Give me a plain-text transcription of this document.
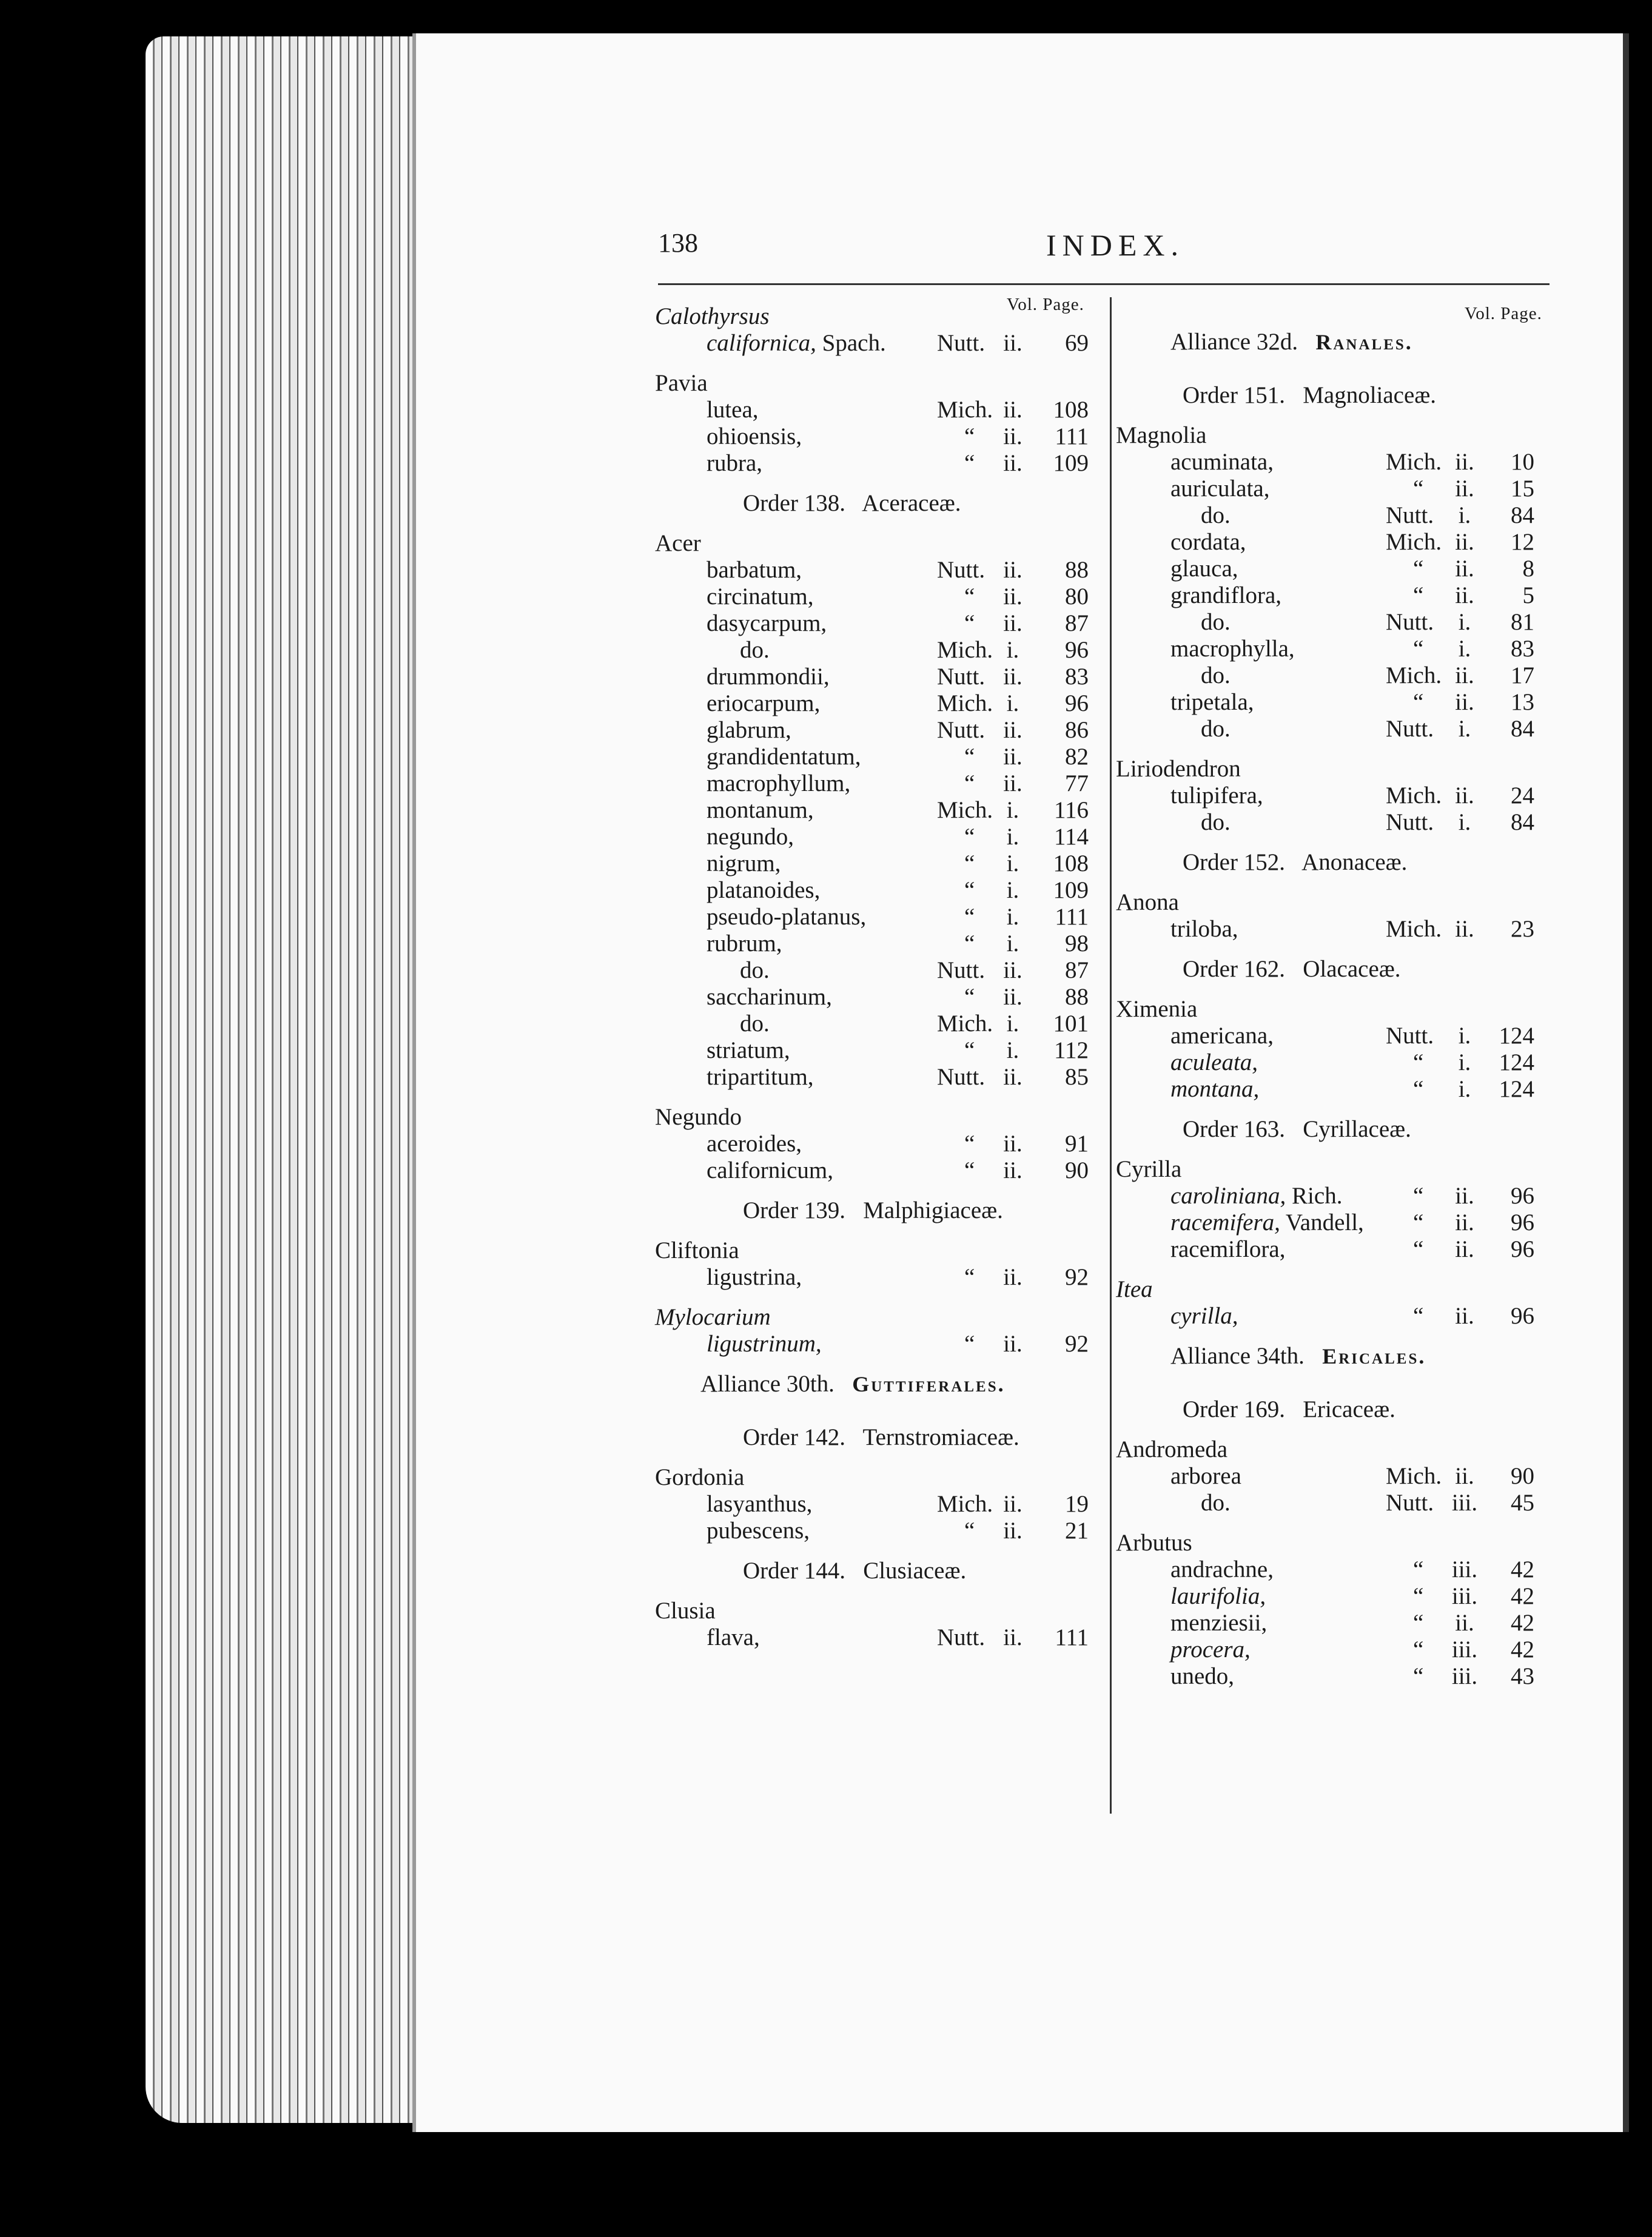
138	INDEX.
Vol. Page.
Calothyrsus
californica, Spach. Nutt. ii.	69
Pavia
lutea,	Mich. ii.	108
ohioensis,	“	ii.	111
rubra,	“	ii.	109
Order 138. Aceraceæ.
Acer
barbatum,	Nutt. ii.	88
circinatum,	“	ii.	80
dasycarpum,	“	ii.	87
do.	Mich. i.	96
drummondii,	Nutt. ii.	83
eriocarpum,	Mich. i.	96
glabrum,	Nutt. ii.	86
grandidentatum,	“	ii.	82
macrophyllum,	“	ii.	77
montanum,	Mich. i.	116
negundo,	“	i.	114
nigrum,	“	i.	108
platanoides,	“	i.	109
pseudo-platanus,	“	i.	111
rubrum,	“	i.	98
do.	Nutt. ii.	87
saccharinum,	“	ii.	88
do.	Mich. i.	101
striatum,	“	i.	112
tripartitum,	Nutt. ii.	85
Negundo
aceroides,	“	ii.	91
californicum,	“	ii.	90
Order 139. Malphigiaceæ.
Cliftonia
ligustrina,	“	ii.	92
Mylocarium
ligustrinum,	“	ii.	92
Alliance 30th. Guttiferales.
Order 142. Ternstromiaceæ.
Gordonia
lasyanthus,	Mich. ii.	19
pubescens,	“	ii.	21
Order 144. Clusiaceæ.
Clusia
flava,	Nutt. ii.	111
Vol. Page.
Alliance 32d. Ranales.
Order 151. Magnoliaceæ.
Magnolia
acuminata,	Mich. ii.	10
auriculata,	“	ii.	15
do.	Nutt.	i.	84
cordata,	Mich. ii.	12
glauca,	“	ii.	8
grandiflora,	“	ii.	5
do.	Nutt.	i.	81
macrophylla,	“	i.	83
do.	Mich. ii.	17
tripetala,	“	ii.	13
do.	Nutt.	i.	84
Liriodendron
tulipifera,	Mich. ii.	24
do.	Nutt.	i.	84
Order 152. Anonaceæ.
Anona
triloba,	Mich. ii.	23
Order 162. Olacaceæ.
Ximenia
americana,	Nutt.	i.	124
aculeata,	“	i.	124
montana,	“	i.	124
Order 163. Cyrillaceæ.
Cyrilla
caroliniana, Rich.	“	ii.	96
racemifera, Vandell, “	ii.	96
racemiflora,	“	ii.	96
Itea
cyrilla,	“	ii.	96
Alliance 34th. Ericales.
Order 169. Ericaceæ.
Andromeda
arborea	Mich. ii.	90
do.	Nutt. iii.	45
Arbutus
andrachne,	“	iii.	42
laurifolia,	“	iii.	42
menziesii,	“	ii.	42
procera,	“	iii.	42
unedo,	“	iii.	43
